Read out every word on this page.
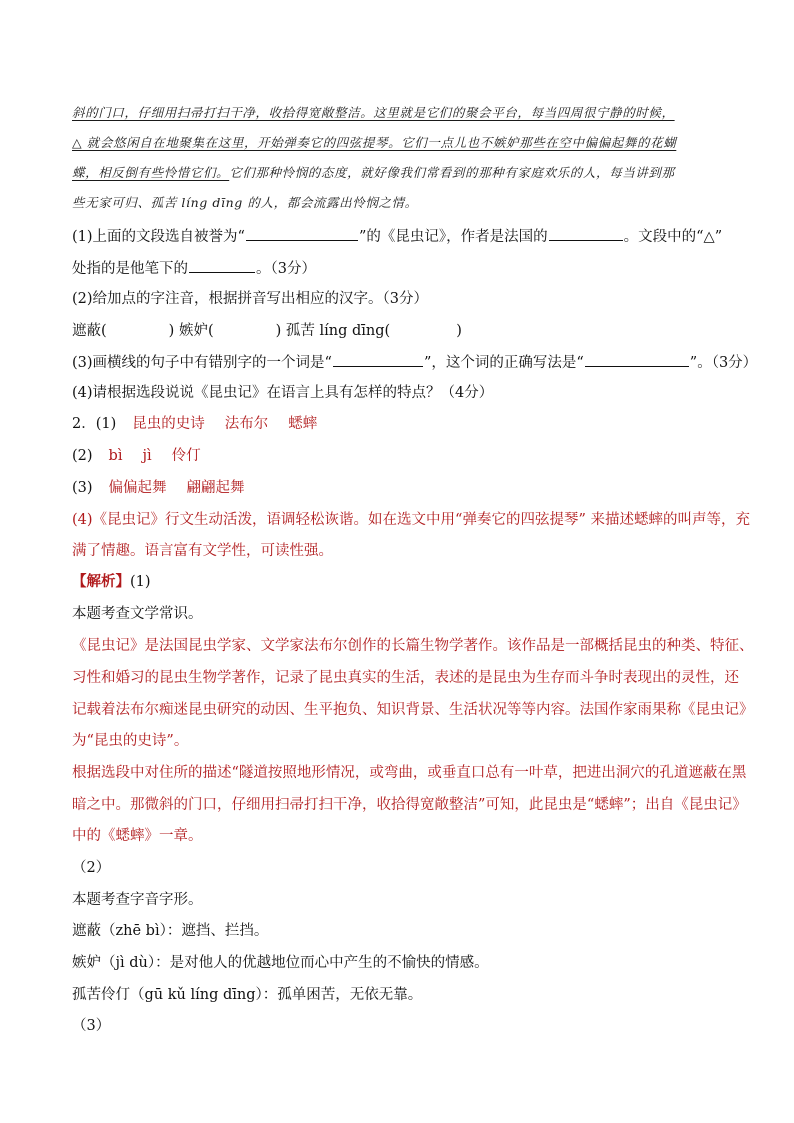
斜的门口，仔细用扫帚打扫干净，收拾得宽敞整洁。这里就是它们的聚会平台，每当四周很宁静的时候，
△ 就会悠闲自在地聚集在这里，开始弹奏它的四弦提琴。它们一点儿也不嫉妒那些在空中偏偏起舞的花蝴
蝶，相反倒有些怜惜它们。它们那种怜悯的态度，就好像我们常看到的那种有家庭欢乐的人，每当讲到那
些无家可归、孤苦 líng dīng 的人，都会流露出怜悯之情。
(1)上面的文段选自被誉为“	”的《昆虫记》，作者是法国的	。文段中的“△”
处指的是他笔下的	。（3分）
(2)给加点的字注音，根据拼音写出相应的汉字。（3分）
遮蔽(	) 嫉妒(	) 孤苦 líng dīng(	)
(3)画横线的句子中有错别字的一个词是“	”，这个词的正确写法是“	”。（3分）
(4)请根据选段说说《昆虫记》在语言上具有怎样的特点？（4分）
2．(1) 昆虫的史诗 法布尔 蟋蟀
(2) bì jì 伶仃
(3) 偏偏起舞 翩翩起舞
(4)《昆虫记》行文生动活泼，语调轻松诙谐。如在选文中用“弹奏它的四弦提琴” 来描述蟋蟀的叫声等，充
满了情趣。语言富有文学性，可读性强。
【解析】(1)
本题考查文学常识。
《昆虫记》是法国昆虫学家、文学家法布尔创作的长篇生物学著作。该作品是一部概括昆虫的种类、特征、
习性和婚习的昆虫生物学著作，记录了昆虫真实的生活，表述的是昆虫为生存而斗争时表现出的灵性，还
记载着法布尔痴迷昆虫研究的动因、生平抱负、知识背景、生活状况等等内容。法国作家雨果称《昆虫记》
为“昆虫的史诗”。
根据选段中对住所的描述“隧道按照地形情况，或弯曲，或垂直口总有一叶草，把进出洞穴的孔道遮蔽在黑
暗之中。那微斜的门口，仔细用扫帚打扫干净，收拾得宽敞整洁”可知，此昆虫是“蟋蟀”；出自《昆虫记》
中的《蟋蟀》一章。
（2）
本题考查字音字形。
遮蔽（zhē bì）：遮挡、拦挡。
嫉妒（jì dù）：是对他人的优越地位而心中产生的不愉快的情感。
孤苦伶仃（gū kǔ líng dīng）：孤单困苦，无依无靠。
（3）
